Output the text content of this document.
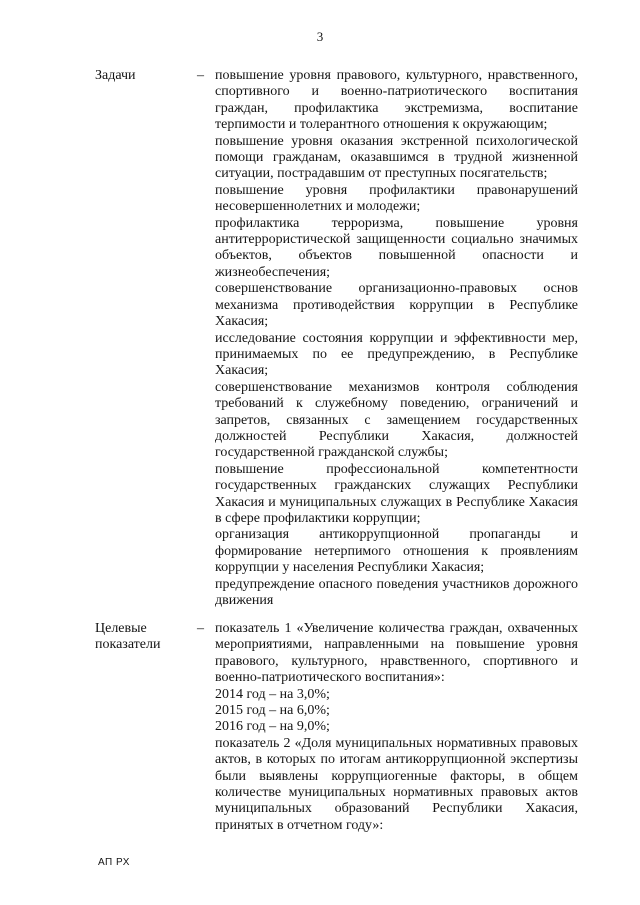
3
Задачи	– повышение уровня правового, культурного, нравственного, спортивного и военно-патриотического воспитания граждан, профилактика экстремизма, воспитание терпимости и толерантного отношения к окружающим;

повышение уровня оказания экстренной психологической помощи гражданам, оказавшимся в трудной жизненной ситуации, пострадавшим от преступных посягательств;

повышение уровня профилактики правонарушений несовершеннолетних и молодежи;

профилактика терроризма, повышение уровня антитеррористической защищенности социально значимых объектов, объектов повышенной опасности и жизнеобеспечения;

совершенствование организационно-правовых основ механизма противодействия коррупции в Республике Хакасия;

исследование состояния коррупции и эффективности мер, принимаемых по ее предупреждению, в Республике Хакасия;

совершенствование механизмов контроля соблюдения требований к служебному поведению, ограничений и запретов, связанных с замещением государственных должностей Республики Хакасия, должностей государственной гражданской службы;

повышение профессиональной компетентности государственных гражданских служащих Республики Хакасия и муниципальных служащих в Республике Хакасия в сфере профилактики коррупции;

организация антикоррупционной пропаганды и формирование нетерпимого отношения к проявлениям коррупции у населения Республики Хакасия;

предупреждение опасного поведения участников дорожного движения

Целевые показатели
– показатель 1 «Увеличение количества граждан, охваченных мероприятиями, направленными на повышение уровня правового, культурного, нравственного, спортивного и военно-патриотического воспитания»:

2014 год – на 3,0%;

2015 год – на 6,0%;

2016 год – на 9,0%;

показатель 2 «Доля муниципальных нормативных правовых актов, в которых по итогам антикоррупционной экспертизы были выявлены коррупциогенные факторы, в общем количестве муниципальных нормативных правовых актов муниципальных образований Республики Хакасия, принятых в отчетном году»:

АП РХ
